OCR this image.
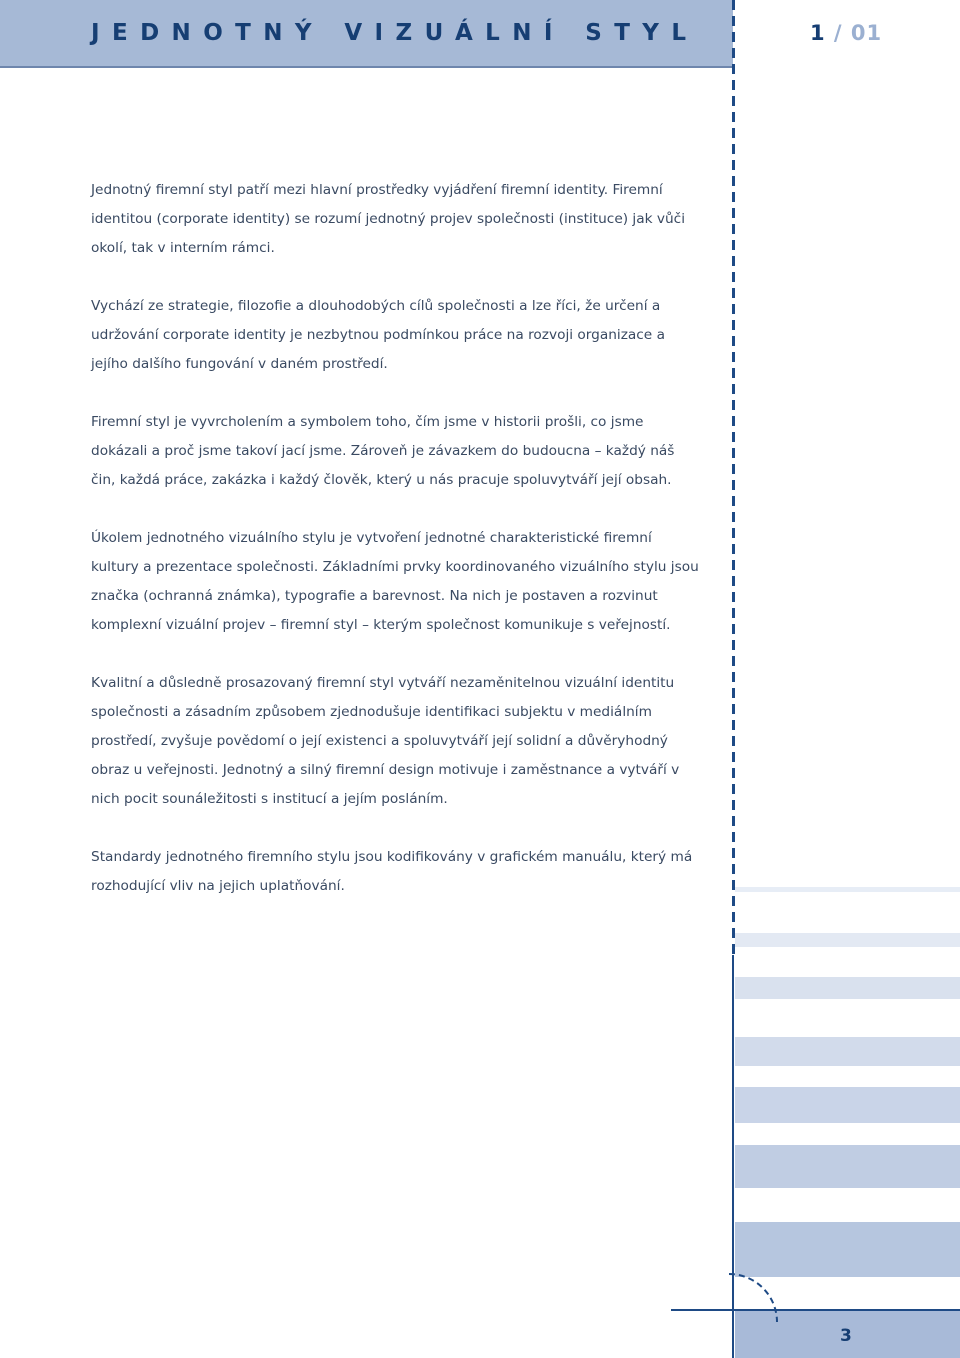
JEDNOTNÝ VIZUÁLNÍ STYL	1 / 01
3

Jednotný firemní styl patří mezi hlavní prostředky vyjádření firemní identity. Firemní identitou (corporate identity) se rozumí jednotný projev společnosti (instituce) jak vůči okolí, tak v interním rámci.

Vychází ze strategie, filozofie a dlouhodobých cílů společnosti a lze říci, že určení a udržování corporate identity je nezbytnou podmínkou práce na rozvoji organizace a jejího dalšího fungování v daném prostředí.

Firemní styl je vyvrcholením a symbolem toho, čím jsme v historii prošli, co jsme dokázali a proč jsme takoví jací jsme. Zároveň je závazkem do budoucna – každý náš čin, každá práce, zakázka i každý člověk, který u nás pracuje spoluvytváří její obsah.

Úkolem jednotného vizuálního stylu je vytvoření jednotné charakteristické firemní kultury a prezentace společnosti. Základními prvky koordinovaného vizuálního stylu jsou značka (ochranná známka), typografie a barevnost. Na nich je postaven a rozvinut komplexní vizuální projev – firemní styl – kterým společnost komunikuje s veřejností.

Kvalitní a důsledně prosazovaný firemní styl vytváří nezaměnitelnou vizuální identitu společnosti a zásadním způsobem zjednodušuje identifikaci subjektu v mediálním prostředí, zvyšuje povědomí o její existenci a spoluvytváří její solidní a důvěryhodný obraz u veřejnosti. Jednotný a silný firemní design motivuje i zaměstnance a vytváří v nich pocit sounáležitosti s institucí a jejím posláním.

Standardy jednotného firemního stylu jsou kodifikovány v grafickém manuálu, který má rozhodující vliv na jejich uplatňování.
